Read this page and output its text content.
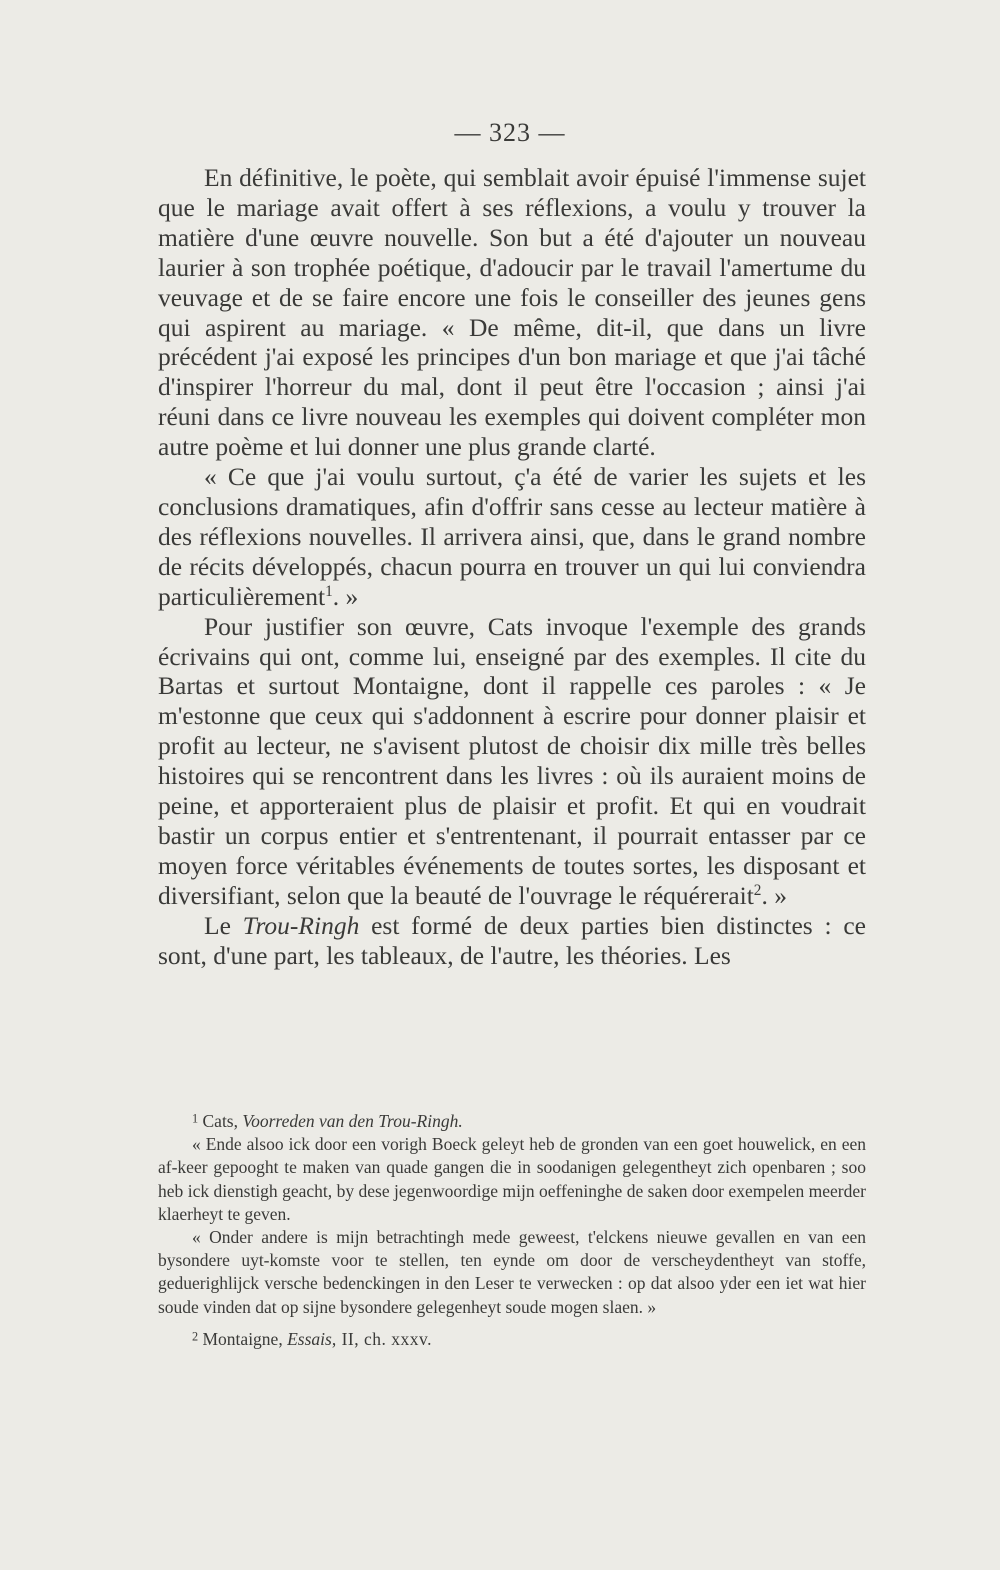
— 323 —

En définitive, le poète, qui semblait avoir épuisé l'immense sujet que le mariage avait offert à ses réflexions, a voulu y trouver la matière d'une œuvre nouvelle. Son but a été d'ajouter un nouveau laurier à son trophée poétique, d'adoucir par le travail l'amertume du veuvage et de se faire encore une fois le conseiller des jeunes gens qui aspirent au mariage. « De même, dit-il, que dans un livre précédent j'ai exposé les principes d'un bon mariage et que j'ai tâché d'inspirer l'horreur du mal, dont il peut être l'occasion ; ainsi j'ai réuni dans ce livre nouveau les exemples qui doivent compléter mon autre poème et lui donner une plus grande clarté.

« Ce que j'ai voulu surtout, ç'a été de varier les sujets et les conclusions dramatiques, afin d'offrir sans cesse au lecteur matière à des réflexions nouvelles. Il arrivera ainsi, que, dans le grand nombre de récits développés, chacun pourra en trouver un qui lui conviendra particulièrement$^1$. »

Pour justifier son œuvre, Cats invoque l'exemple des grands écrivains qui ont, comme lui, enseigné par des exemples. Il cite du Bartas et surtout Montaigne, dont il rappelle ces paroles : « Je m'estonne que ceux qui s'addonnent à escrire pour donner plaisir et profit au lecteur, ne s'avisent plutost de choisir dix mille très belles histoires qui se rencontrent dans les livres : où ils auraient moins de peine, et apporteraient plus de plaisir et profit. Et qui en voudrait bastir un corpus entier et s'entrentenant, il pourrait entasser par ce moyen force véritables événements de toutes sortes, les disposant et diversifiant, selon que la beauté de l'ouvrage le réquérerait$^2$. »

Le Trou-Ringh est formé de deux parties bien distinctes : ce sont, d'une part, les tableaux, de l'autre, les théories. Les

$^1$ Cats, Voorreden van den Trou-Ringh.

« Ende alsoo ick door een vorigh Boeck geleyt heb de gronden van een goet houwelick, en een af-keer gepooght te maken van quade gangen die in soodanigen gelegentheyt zich openbaren ; soo heb ick dienstigh geacht, by dese jegenwoordige mijn oeffeninghe de saken door exempelen meerder klaerheyt te geven.

« Onder andere is mijn betrachtingh mede geweest, t'elckens nieuwe gevallen en van een bysondere uyt-komste voor te stellen, ten eynde om door de verscheydentheyt van stoffe, geduerighlijck versche bedenckingen in den Leser te verwecken : op dat alsoo yder een iet wat hier soude vinden dat op sijne bysondere gelegenheyt soude mogen slaen. »

$^2$ Montaigne, Essais, II, ch. xxxv.
